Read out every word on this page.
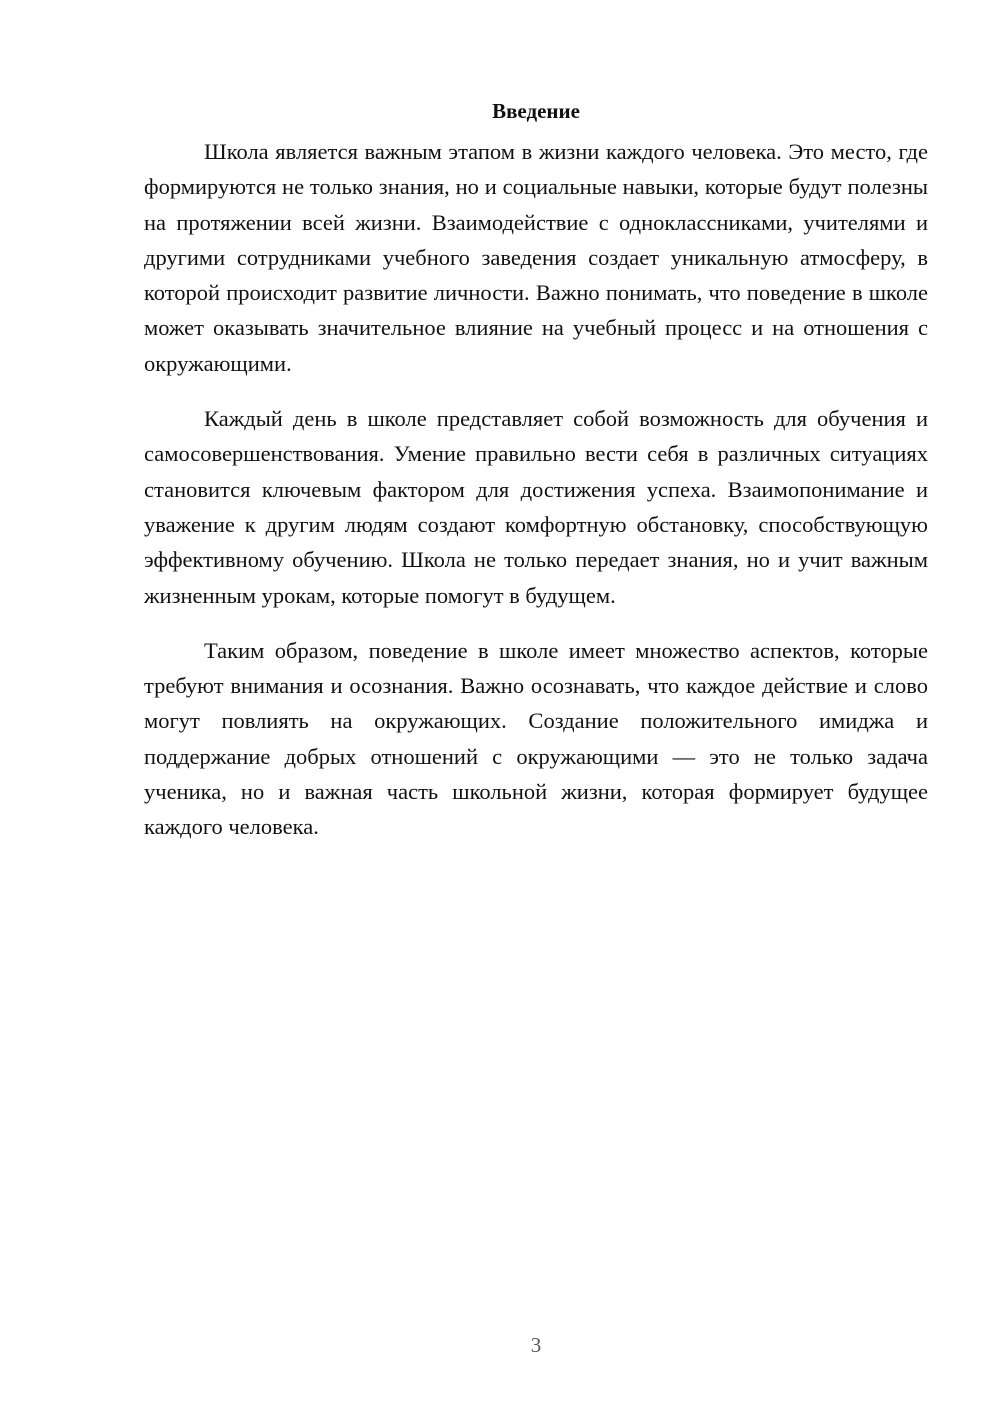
Введение

Школа является важным этапом в жизни каждого человека. Это место, где формируются не только знания, но и социальные навыки, которые будут полезны на протяжении всей жизни. Взаимодействие с одноклассниками, учителями и другими сотрудниками учебного заведения создает уникальную атмосферу, в которой происходит развитие личности. Важно понимать, что поведение в школе может оказывать значительное влияние на учебный процесс и на отношения с окружающими.

Каждый день в школе представляет собой возможность для обучения и самосовершенствования. Умение правильно вести себя в различных ситуациях становится ключевым фактором для достижения успеха. Взаимопонимание и уважение к другим людям создают комфортную обстановку, способствующую эффективному обучению. Школа не только передает знания, но и учит важным жизненным урокам, которые помогут в будущем.

Таким образом, поведение в школе имеет множество аспектов, которые требуют внимания и осознания. Важно осознавать, что каждое действие и слово могут повлиять на окружающих. Создание положительного имиджа и поддержание добрых отношений с окружающими — это не только задача ученика, но и важная часть школьной жизни, которая формирует будущее каждого человека.

3
